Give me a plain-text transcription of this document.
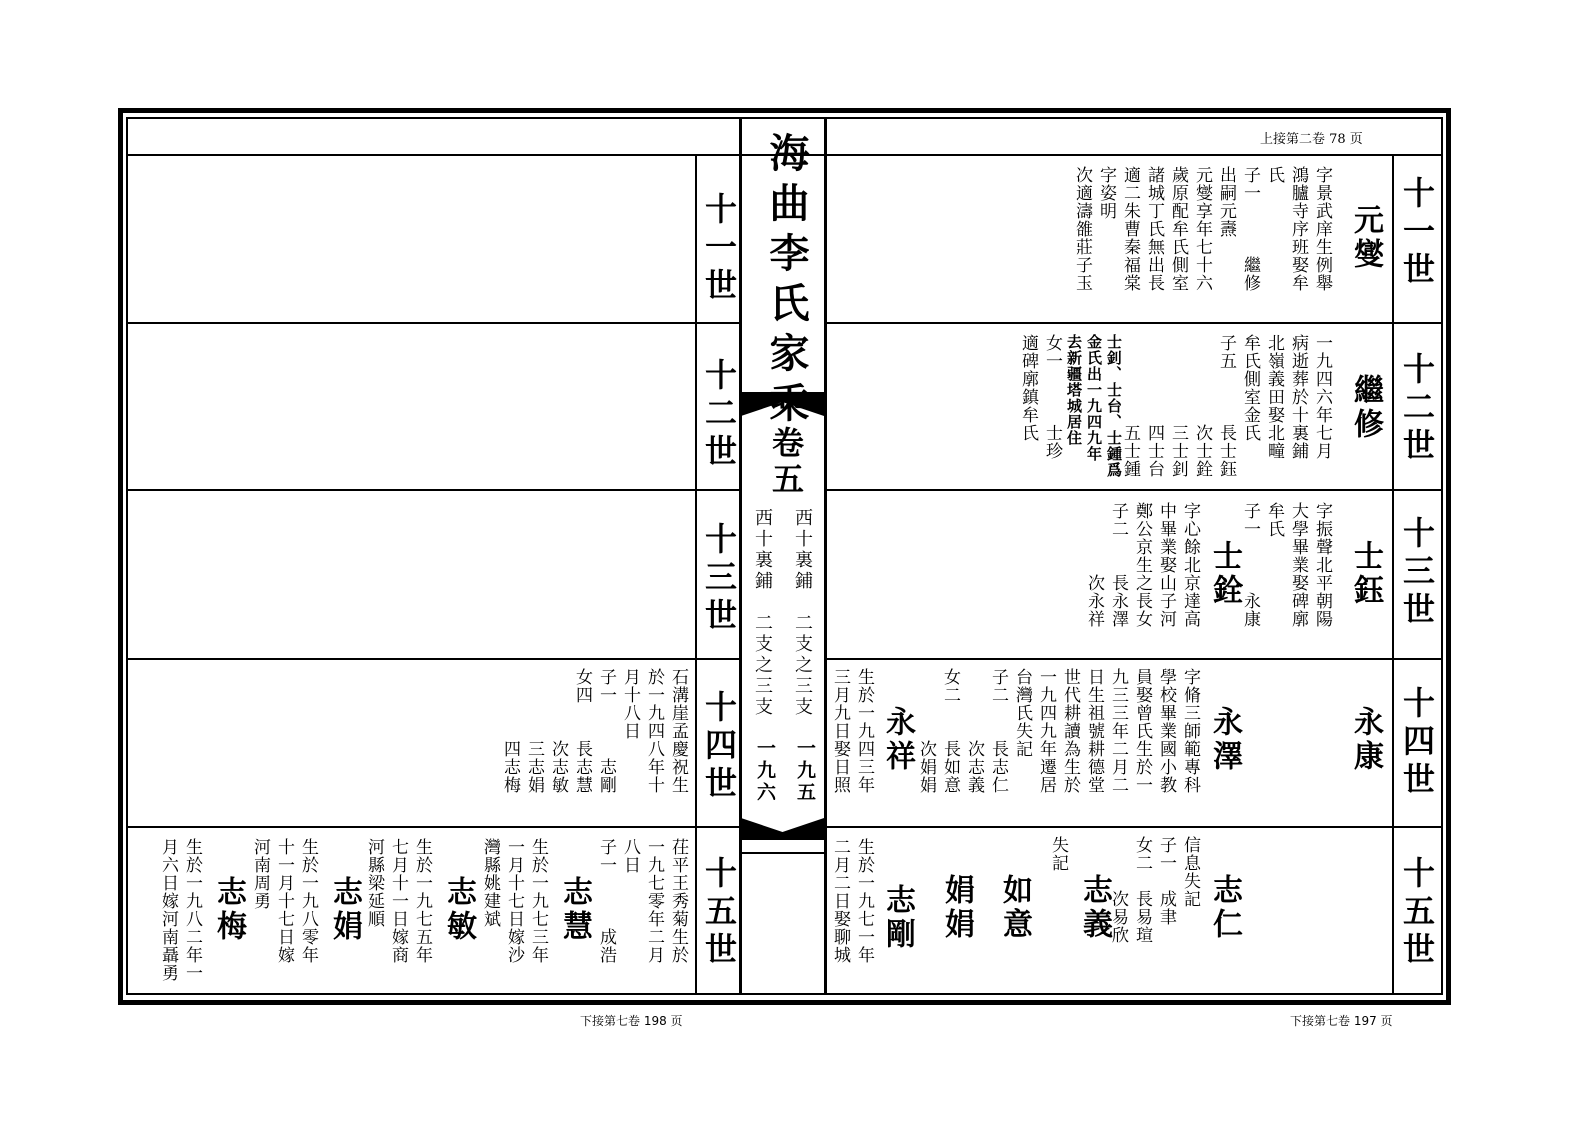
上接第二卷 78 页
海曲李氏家乘
卷五
西十裏鋪　二支之三支
西十裏鋪　二支之三支
一九五
一九六
十一世
十二世
十三世
十四世
十五世
十一世
十二世
十三世
十四世
十五世
元燮
字景武庠生例舉
鴻臚寺序班娶牟
氏
子一　　　繼修
出嗣元燾
元燮享年七十六
歲原配牟氏側室
諸城丁氏無出長
適二朱曹秦福棠
字姿明
次適濤雒莊子玉
繼修
一九四六年七月
病逝葬於十裏鋪
北嶺義田娶北疃
牟氏側室金氏
子五　　　長士鈺
　　　　　次士銓
　　　　　三士釗
　　　　　四士台
　　　　　五士鍾
士釗、士台、士鍾爲
金氏出一九四九年
去新疆塔城居住
女一　　　士珍
適碑廓鎮牟氏
士鈺
字振聲北平朝陽
大學畢業娶碑廓
牟氏
子一　　　永康
士銓
字心餘北京達高
中畢業娶山子河
鄭公京生之長女
子二　　長永澤
　　　　次永祥
永康
永澤
字脩三師範專科
學校畢業國小教
員娶曾氏生於一
九三三年二月二
日生祖號耕德堂
世代耕讀為生於
一九四九年遷居
台灣氏失記
子二　　長志仁
　　　　次志義
女二　　長如意
　　　　次娟娟
永祥
生於一九四三年
三月九日娶日照
志仁
信息失記
子一　成聿
女二　長易瑄
　　　次易欣
志義
失記
如意
娟娟
志剛
生於一九七一年
二月二日娶聊城
石溝崖孟慶祝生
於一九四八年十
月十八日
子一　　　志剛
女四　　長志慧
　　　　次志敏
　　　　三志娟
　　　　四志梅
茌平王秀菊生於
一九七零年二月
八日
子一　　　成浩
志慧
生於一九七三年
一月十七日嫁沙
灣縣姚建斌
志敏
生於一九七五年
七月十一日嫁商
河縣梁延順
志娟
生於一九八零年
十一月十七日嫁
河南周勇
志梅
生於一九八二年一
月六日嫁河南聶勇
下接第七卷 198 页	下接第七卷 197 页
